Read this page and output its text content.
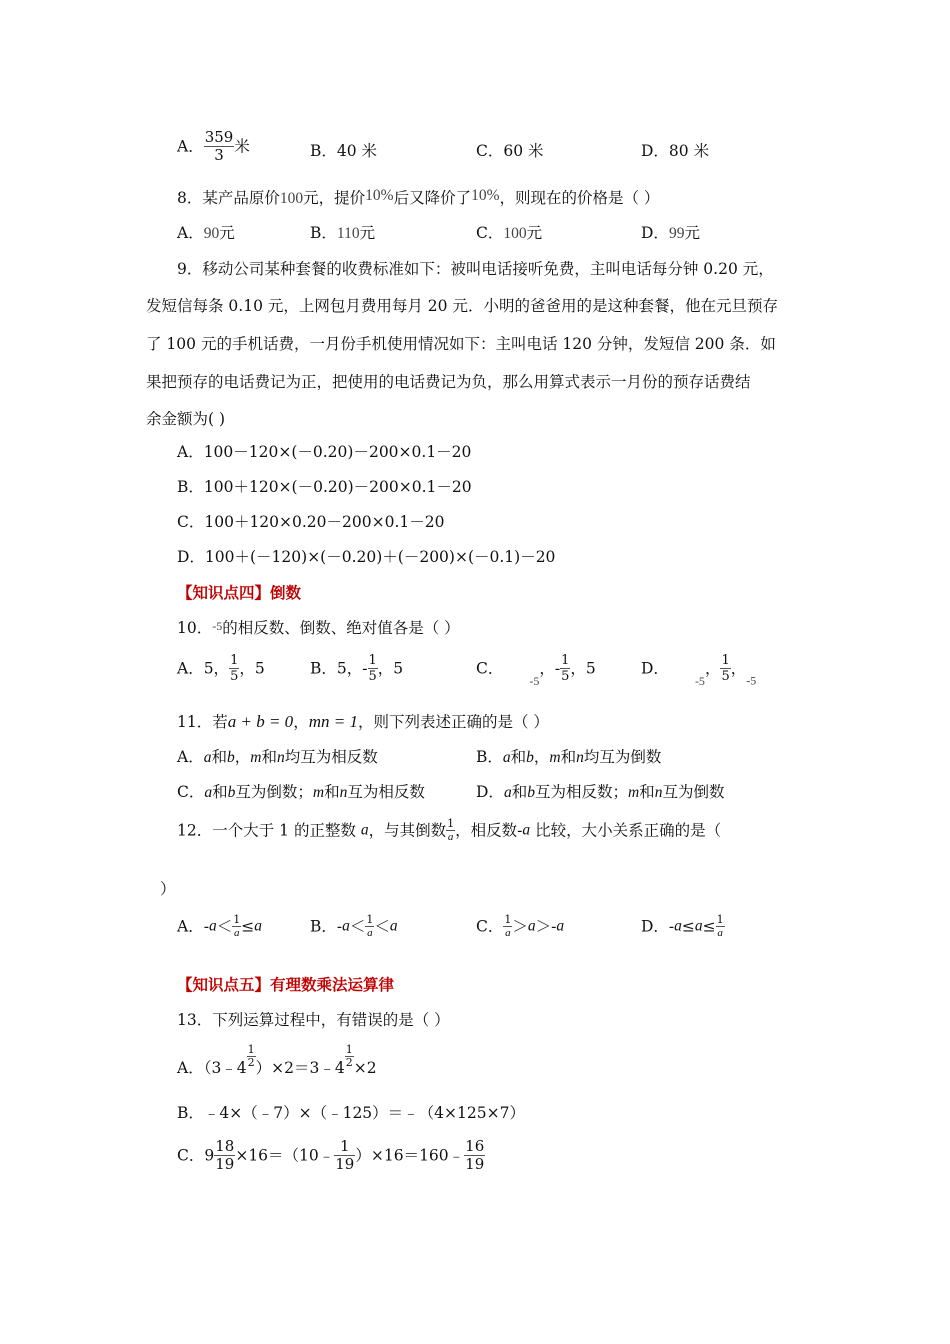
A． $\frac{359}{3}$ 米	B．40 米	C．60 米	D．80 米
8．某产品原价100元，提价10%后又降价了10%，则现在的价格是（ ）
A．90元	B．110元	C．100元	D．99元
9．移动公司某种套餐的收费标准如下：被叫电话接听免费，主叫电话每分钟 0.20 元，
发短信每条 0.10 元，上网包月费用每月 20 元．小明的爸爸用的是这种套餐，他在元旦预存
了 100 元的手机话费，一月份手机使用情况如下：主叫电话 120 分钟，发短信 200 条．如
果把预存的电话费记为正，把使用的电话费记为负，那么用算式表示一月份的预存话费结
余金额为( )
A．100－120×(－0.20)－200×0.1－20
B．100＋120×(－0.20)－200×0.1－20
C．100＋120×0.20－200×0.1－20
D．100＋(－120)×(－0.20)＋(－200)×(－0.1)－20
【知识点四】倒数
10．-5的相反数、倒数、绝对值各是（ ）
A．5， $\frac{1}{5}$ ，5	B．5，- $\frac{1}{5}$ ，5	C．$_{-5}$，- $\frac{1}{5}$ ，5	D．$_{-5}$， $\frac{1}{5}$ ，$_{-5}$
11．若a + b = 0，mn = 1，则下列表述正确的是（ ）
A．a和b，m和n均互为相反数	B．a和b，m和n均互为倒数
C．a和b互为倒数；m和n互为相反数	D．a和b互为相反数；m和n互为倒数
12．一个大于 1 的正整数 a，与其倒数 $\frac{1}{a}$ ，相反数-a 比较，大小关系正确的是（
）
A．$-a< \frac{1}{a} \le a$	B．$-a< \frac{1}{a} <a$	C． $\frac{1}{a} >a>-a$	D．$-a\le a\le \frac{1}{a}$
【知识点五】有理数乘法运算律
13．下列运算过程中，有错误的是（ ）
A．（3﹣4 $\frac{1}{2}$ ）×2＝3﹣4 $\frac{1}{2} \times 2$
B．﹣4×（﹣7）×（﹣125）＝﹣（4×125×7）
C．$9 \frac{18}{19}$ ×16＝（10﹣ $\frac{1}{19}$ ）×16＝160﹣ $\frac{16}{19}$
